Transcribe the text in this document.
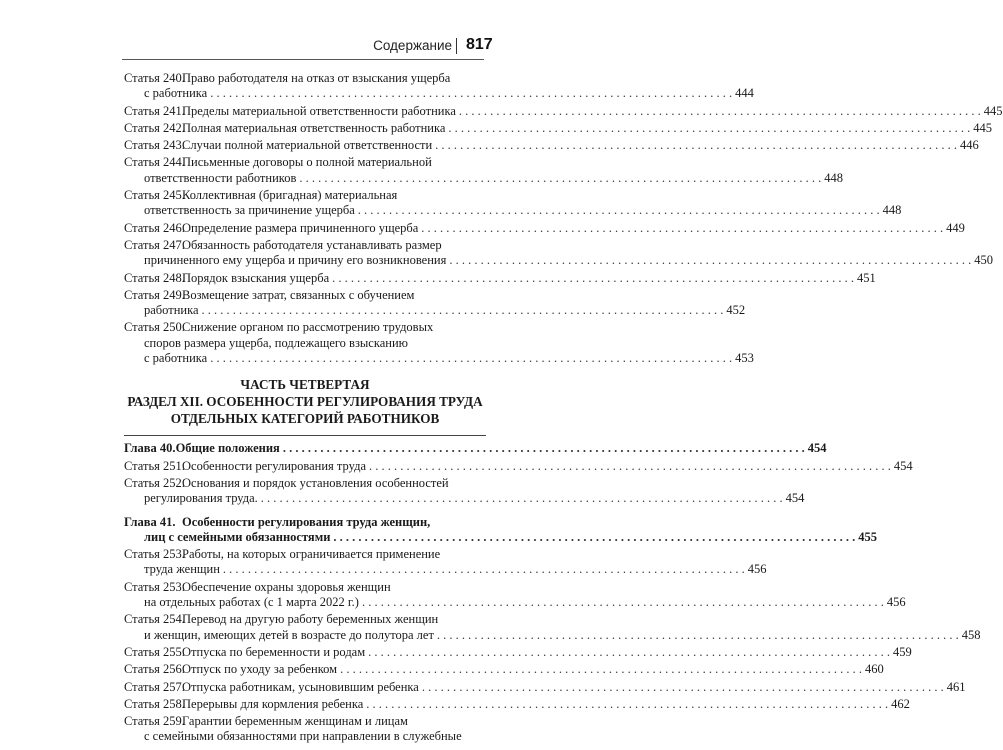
Содержание 817
Статья 240.
Право работодателя на отказ от взыскания ущерба
с работника . . .	444
Статья 241.
Пределы материальной ответственности работника . . .	445
Статья 242.
Полная материальная ответственность работника . . .	445
Статья 243.
Случаи полной материальной ответственности . . .	446
Статья 244.
Письменные договоры о полной материальной
ответственности работников . . .	448
Статья 245.
Коллективная (бригадная) материальная
ответственность за причинение ущерба . . .	448
Статья 246.
Определение размера причиненного ущерба . . .	449
Статья 247.
Обязанность работодателя устанавливать размер
причиненного ему ущерба и причину его возникновения . . .	450
Статья 248.
Порядок взыскания ущерба . . .	451
Статья 249.
Возмещение затрат, связанных с обучением
работника . . .	452
Статья 250.
Снижение органом по рассмотрению трудовых
споров размера ущерба, подлежащего взысканию
с работника . . .	453
ЧАСТЬ ЧЕТВЕРТАЯ
РАЗДЕЛ XII. ОСОБЕННОСТИ РЕГУЛИРОВАНИЯ ТРУДА
ОТДЕЛЬНЫХ КАТЕГОРИЙ РАБОТНИКОВ
Глава 40. Общие положения . . .	454
Статья 251.
Особенности регулирования труда . . .	454
Статья 252.
Основания и порядок установления особенностей
регулирования труда. . . .	454
Глава 41. Особенности регулирования труда женщин,
лиц с семейными обязанностями . . .	455
Статья 253.
Работы, на которых ограничивается применение
труда женщин . . .	456
Статья 253.
Обеспечение охраны здоровья женщин
на отдельных работах (с 1 марта 2022 г.) . . .	456
Статья 254.
Перевод на другую работу беременных женщин
и женщин, имеющих детей в возрасте до полутора лет . . .	458
Статья 255.
Отпуска по беременности и родам . . .	459
Статья 256.
Отпуск по уходу за ребенком . . .	460
Статья 257.
Отпуска работникам, усыновившим ребенка . . .	461
Статья 258.
Перерывы для кормления ребенка . . .	462
Статья 259.
Гарантии беременным женщинам и лицам
с семейными обязанностями при направлении в служебные
